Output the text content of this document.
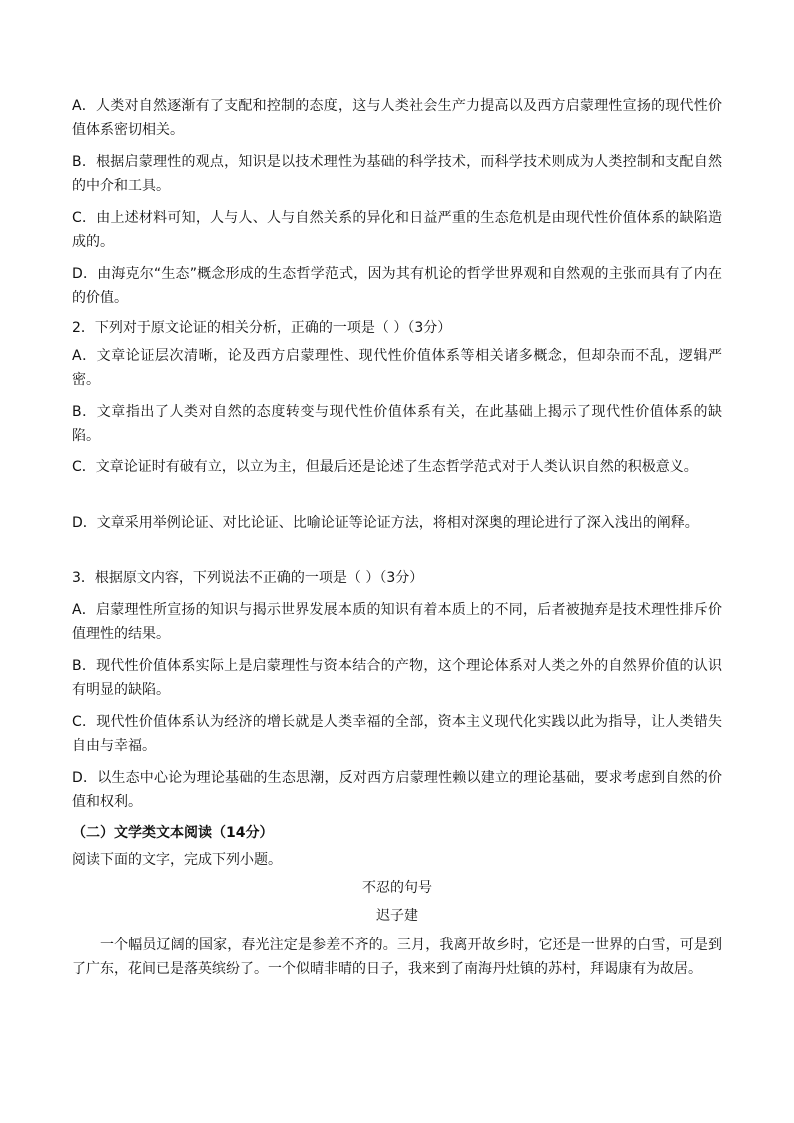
A．人类对自然逐渐有了支配和控制的态度，这与人类社会生产力提高以及西方启蒙理性宣扬的现代性价值体系密切相关。

B．根据启蒙理性的观点，知识是以技术理性为基础的科学技术，而科学技术则成为人类控制和支配自然的中介和工具。

C．由上述材料可知，人与人、人与自然关系的异化和日益严重的生态危机是由现代性价值体系的缺陷造成的。

D．由海克尔“生态”概念形成的生态哲学范式，因为其有机论的哲学世界观和自然观的主张而具有了内在的价值。

2．下列对于原文论证的相关分析，正确的一项是（ ）（3分）

A．文章论证层次清晰，论及西方启蒙理性、现代性价值体系等相关诸多概念，但却杂而不乱，逻辑严密。

B．文章指出了人类对自然的态度转变与现代性价值体系有关，在此基础上揭示了现代性价值体系的缺陷。

C．文章论证时有破有立，以立为主，但最后还是论述了生态哲学范式对于人类认识自然的积极意义。

D．文章采用举例论证、对比论证、比喻论证等论证方法，将相对深奥的理论进行了深入浅出的阐释。

3．根据原文内容，下列说法不正确的一项是（ ）（3分）

A．启蒙理性所宣扬的知识与揭示世界发展本质的知识有着本质上的不同，后者被抛弃是技术理性排斥价值理性的结果。

B．现代性价值体系实际上是启蒙理性与资本结合的产物，这个理论体系对人类之外的自然界价值的认识有明显的缺陷。

C．现代性价值体系认为经济的增长就是人类幸福的全部，资本主义现代化实践以此为指导，让人类错失自由与幸福。

D．以生态中心论为理论基础的生态思潮，反对西方启蒙理性赖以建立的理论基础，要求考虑到自然的价值和权利。

（二）文学类文本阅读（14分）

阅读下面的文字，完成下列小题。

不忍的句号
迟子建

一个幅员辽阔的国家，春光注定是参差不齐的。三月，我离开故乡时，它还是一世界的白雪，可是到了广东，花间已是落英缤纷了。一个似晴非晴的日子，我来到了南海丹灶镇的苏村，拜谒康有为故居。
